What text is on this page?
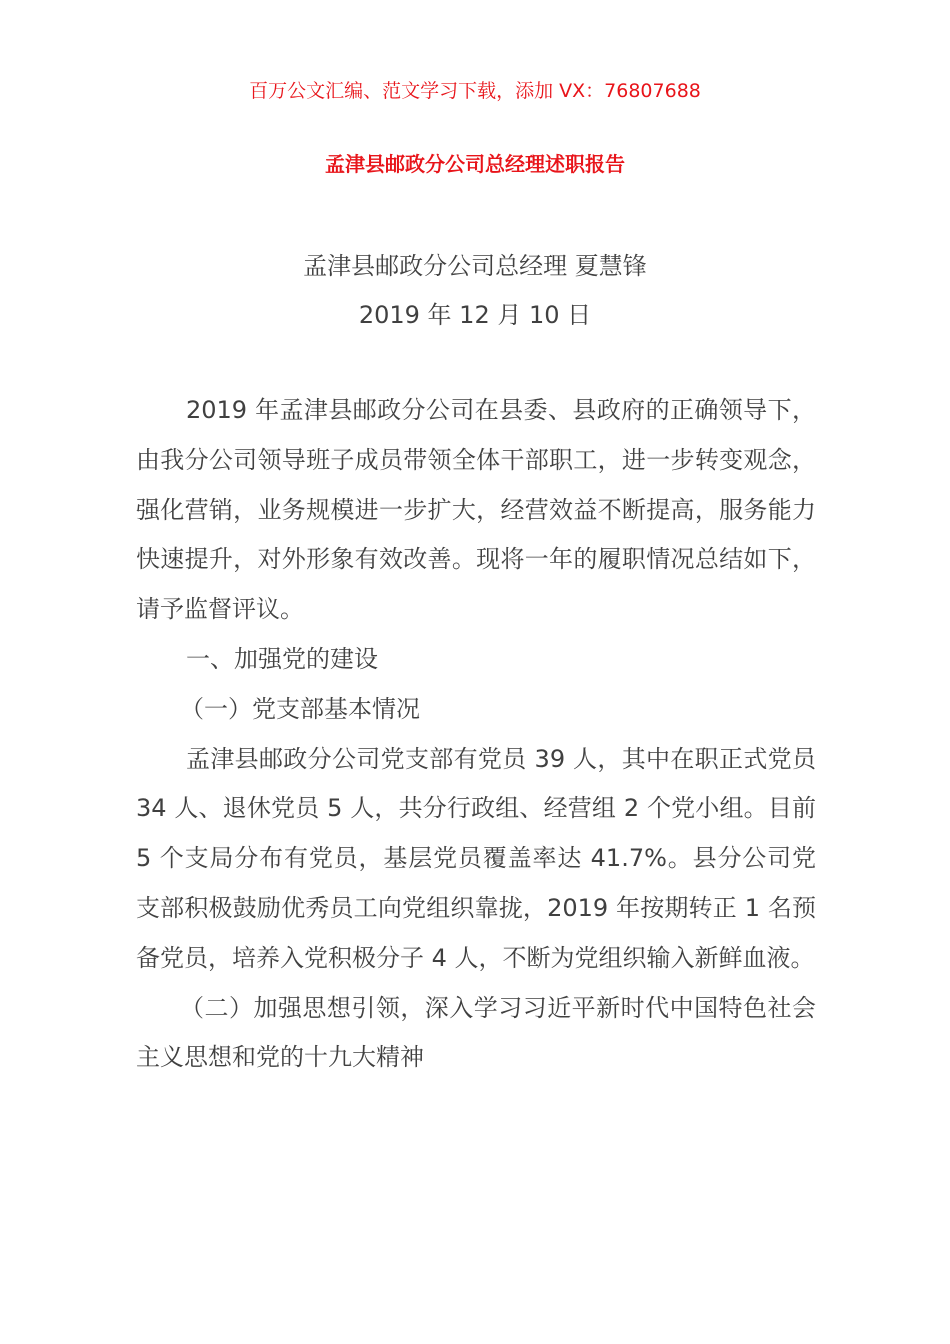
百万公文汇编、范文学习下载，添加 VX：76807688
孟津县邮政分公司总经理述职报告
孟津县邮政分公司总经理 夏慧锋
2019 年 12 月 10 日

2019 年孟津县邮政分公司在县委、县政府的正确领导下，由我分公司领导班子成员带领全体干部职工，进一步转变观念，强化营销，业务规模进一步扩大，经营效益不断提高，服务能力快速提升，对外形象有效改善。现将一年的履职情况总结如下，请予监督评议。

一、加强党的建设

（一）党支部基本情况

孟津县邮政分公司党支部有党员 39 人，其中在职正式党员 34 人、退休党员 5 人，共分行政组、经营组 2 个党小组。目前 5 个支局分布有党员，基层党员覆盖率达 41.7%。县分公司党支部积极鼓励优秀员工向党组织靠拢，2019 年按期转正 1 名预备党员，培养入党积极分子 4 人，不断为党组织输入新鲜血液。

（二）加强思想引领，深入学习习近平新时代中国特色社会主义思想和党的十九大精神
